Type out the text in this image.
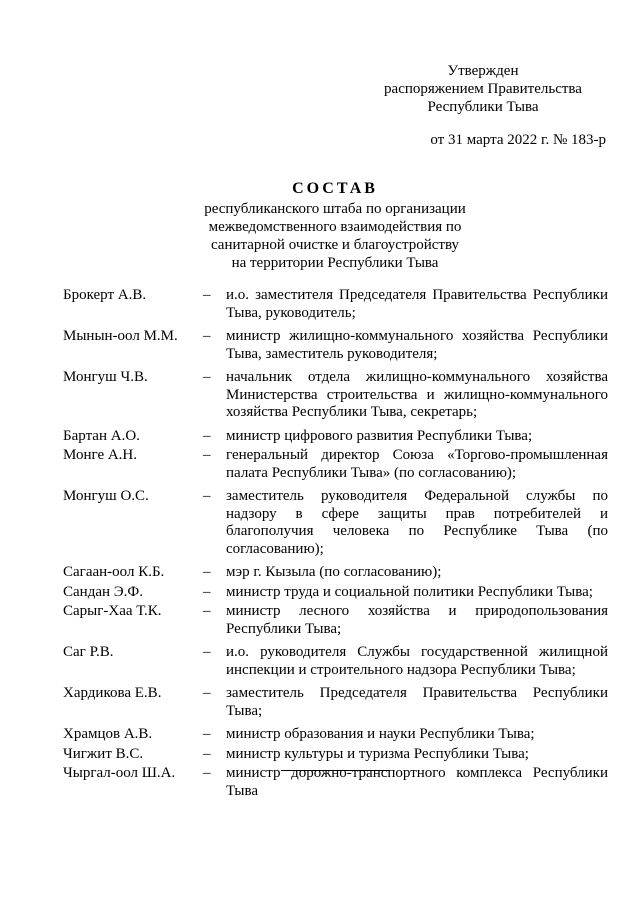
Утвержден
распоряжением Правительства
Республики Тыва
от 31 марта 2022 г. № 183-р
СОСТАВ
республиканского штаба по организации
межведомственного взаимодействия по
санитарной очистке и благоустройству
на территории Республики Тыва
Брокерт А.В.	–	и.о. заместителя Председателя Правительства Республики Тыва, руководитель;
Мынын-оол М.М.	–	министр жилищно-коммунального хозяйства Республики Тыва, заместитель руководителя;
Монгуш Ч.В.	–	начальник отдела жилищно-коммунального хозяйства Министерства строительства и жилищно-коммунального хозяйства Республики Тыва, секретарь;
Бартан А.О.	–	министр цифрового развития Республики Тыва;
Монге А.Н.	–	генеральный директор Союза «Торгово-промышленная палата Республики Тыва» (по согласованию);
Монгуш О.С.	–	заместитель руководителя Федеральной службы по надзору в сфере защиты прав потребителей и благополучия человека по Республике Тыва (по согласованию);
Сагаан-оол К.Б.	–	мэр г. Кызыла (по согласованию);
Сандан Э.Ф.	–	министр труда и социальной политики Республики Тыва;
Сарыг-Хаа Т.К.	–	министр лесного хозяйства и природопользования Республики Тыва;
Саг Р.В.	–	и.о. руководителя Службы государственной жилищной инспекции и строительного надзора Республики Тыва;
Хардикова Е.В.	–	заместитель Председателя Правительства Республики Тыва;
Храмцов А.В.	–	министр образования и науки Республики Тыва;
Чигжит В.С.	–	министр культуры и туризма Республики Тыва;
Чыргал-оол Ш.А.	–	министр дорожно-транспортного комплекса Республики Тыва
